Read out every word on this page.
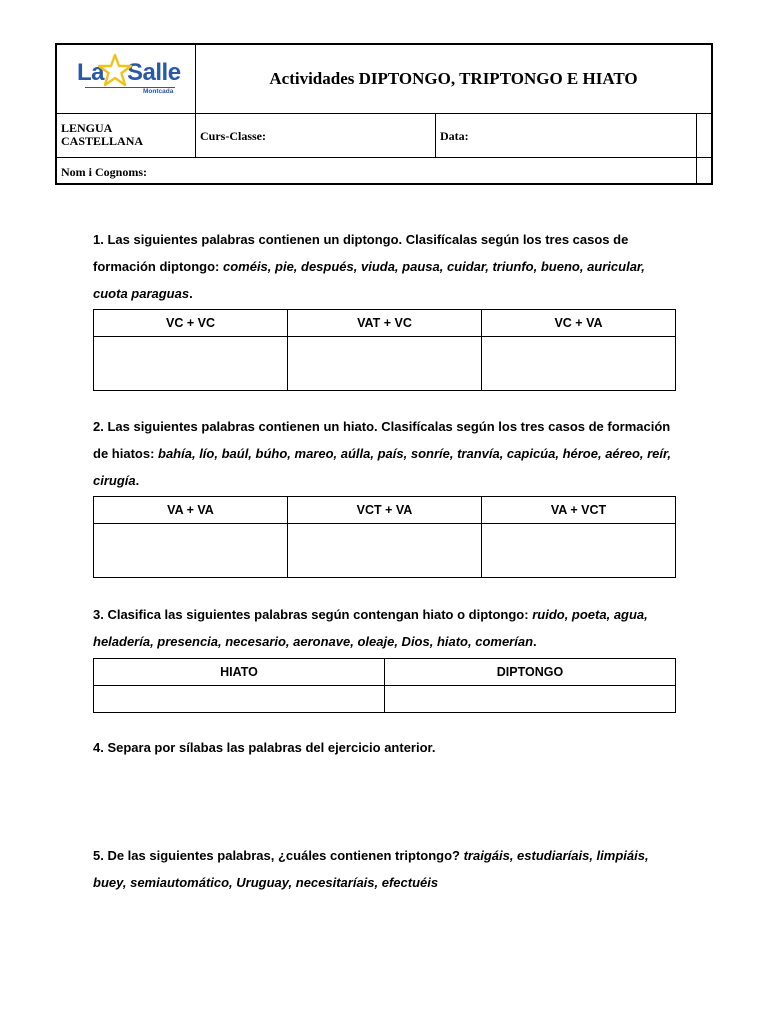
La Salle
Montcada
Actividades DIPTONGO, TRIPTONGO E HIATO
LENGUA CASTELLANA	Curs-Classe:	Data:
Nom i Cognoms:
1. Las siguientes palabras contienen un diptongo. Clasifícalas según los tres casos de formación diptongo: coméis, pie, después, viuda, pausa, cuidar, triunfo, bueno, auricular, cuota paraguas.
VC + VC	VAT + VC	VC + VA

2. Las siguientes palabras contienen un hiato. Clasifícalas según los tres casos de formación de hiatos: bahía, lío, baúl, búho, mareo, aúlla, país, sonríe, tranvía, capicúa, héroe, aéreo, reír, cirugía.
VA + VA	VCT + VA	VA + VCT

3. Clasifica las siguientes palabras según contengan hiato o diptongo: ruido, poeta, agua, heladería, presencia, necesario, aeronave, oleaje, Dios, hiato, comerían.
HIATO	DIPTONGO

4. Separa por sílabas las palabras del ejercicio anterior.
5. De las siguientes palabras, ¿cuáles contienen triptongo? traigáis, estudiaríais, limpiáis, buey, semiautomático, Uruguay, necesitaríais, efectuéis
